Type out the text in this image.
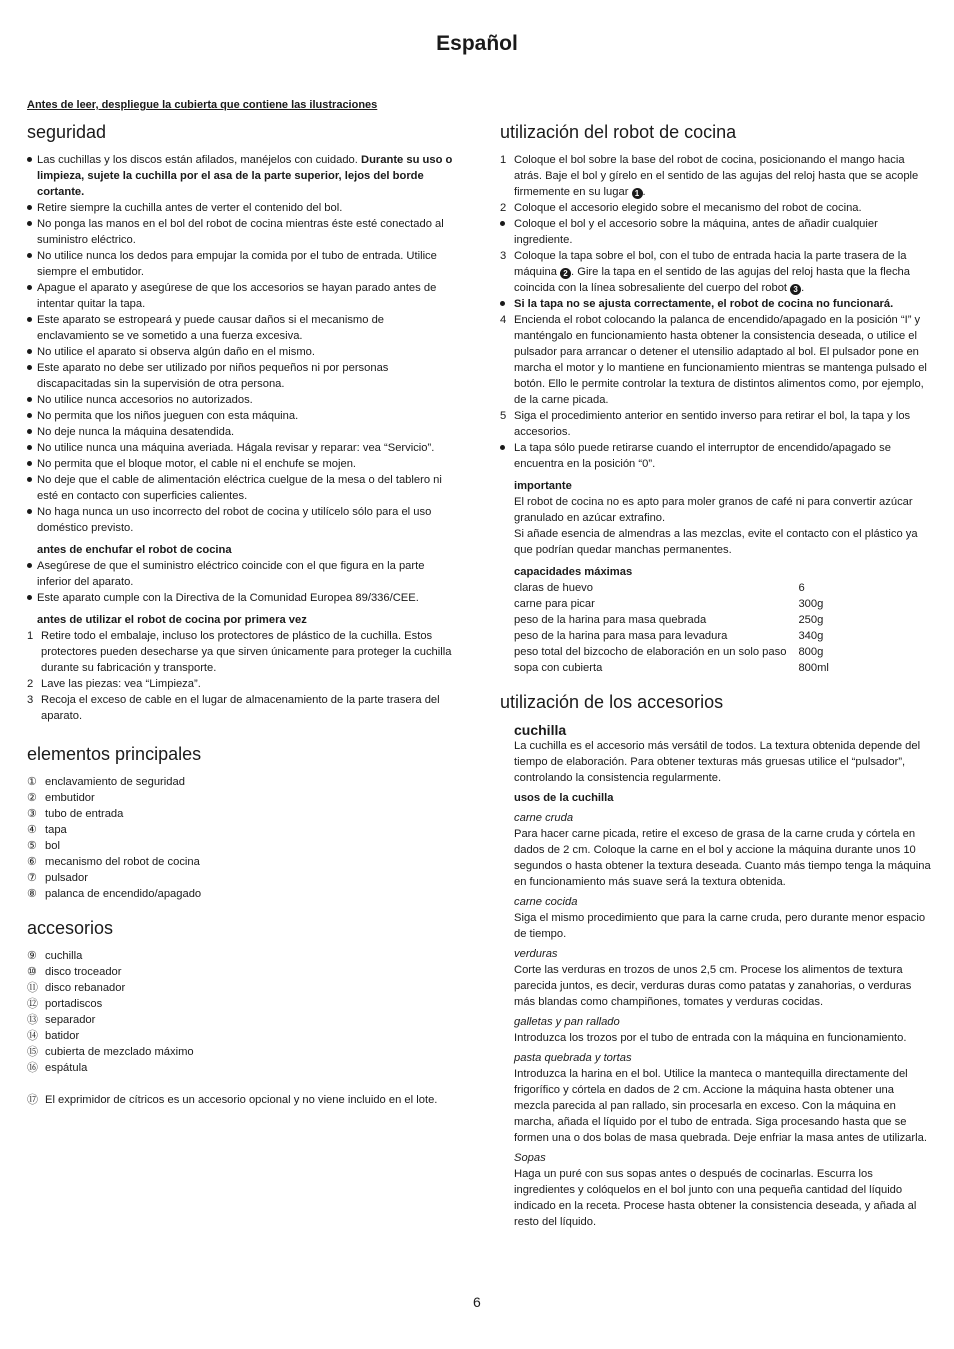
Español
Antes de leer, despliegue la cubierta que contiene las ilustraciones
seguridad
Las cuchillas y los discos están afilados, manéjelos con cuidado. Durante su uso o limpieza, sujete la cuchilla por el asa de la parte superior, lejos del borde cortante.
Retire siempre la cuchilla antes de verter el contenido del bol.
No ponga las manos en el bol del robot de cocina mientras éste esté conectado al suministro eléctrico.
No utilice nunca los dedos para empujar la comida por el tubo de entrada. Utilice siempre el embutidor.
Apague el aparato y asegúrese de que los accesorios se hayan parado antes de intentar quitar la tapa.
Este aparato se estropeará y puede causar daños si el mecanismo de enclavamiento se ve sometido a una fuerza excesiva.
No utilice el aparato si observa algún daño en el mismo.
Este aparato no debe ser utilizado por niños pequeños ni por personas discapacitadas sin la supervisión de otra persona.
No utilice nunca accesorios no autorizados.
No permita que los niños jueguen con esta máquina.
No deje nunca la máquina desatendida.
No utilice nunca una máquina averiada. Hágala revisar y reparar: vea “Servicio”.
No permita que el bloque motor, el cable ni el enchufe se mojen.
No deje que el cable de alimentación eléctrica cuelgue de la mesa o del tablero ni esté en contacto con superficies calientes.
No haga nunca un uso incorrecto del robot de cocina y utilícelo sólo para el uso doméstico previsto.
antes de enchufar el robot de cocina
Asegúrese de que el suministro eléctrico coincide con el que figura en la parte inferior del aparato.
Este aparato cumple con la Directiva de la Comunidad Europea 89/336/CEE.
antes de utilizar el robot de cocina por primera vez
1 Retire todo el embalaje, incluso los protectores de plástico de la cuchilla. Estos protectores pueden desecharse ya que sirven únicamente para proteger la cuchilla durante su fabricación y transporte.
2 Lave las piezas: vea “Limpieza”.
3 Recoja el exceso de cable en el lugar de almacenamiento de la parte trasera del aparato.
elementos principales
① enclavamiento de seguridad
② embutidor
③ tubo de entrada
④ tapa
⑤ bol
⑥ mecanismo del robot de cocina
⑦ pulsador
⑧ palanca de encendido/apagado
accesorios
⑨ cuchilla
⑩ disco troceador
⑪ disco rebanador
⑫ portadiscos
⑬ separador
⑭ batidor
⑮ cubierta de mezclado máximo
⑯ espátula
⑰ El exprimidor de cítricos es un accesorio opcional y no viene incluido en el lote.
utilización del robot de cocina
1 Coloque el bol sobre la base del robot de cocina, posicionando el mango hacia atrás. Baje el bol y gírelo en el sentido de las agujas del reloj hasta que se acople firmemente en su lugar 1 .
2 Coloque el accesorio elegido sobre el mecanismo del robot de cocina.
Coloque el bol y el accesorio sobre la máquina, antes de añadir cualquier ingrediente.
3 Coloque la tapa sobre el bol, con el tubo de entrada hacia la parte trasera de la máquina 2 . Gire la tapa en el sentido de las agujas del reloj hasta que la flecha coincida con la línea sobresaliente del cuerpo del robot 3 .
Si la tapa no se ajusta correctamente, el robot de cocina no funcionará.
4 Encienda el robot colocando la palanca de encendido/apagado en la posición “I” y manténgalo en funcionamiento hasta obtener la consistencia deseada, o utilice el pulsador para arrancar o detener el utensilio adaptado al bol. El pulsador pone en marcha el motor y lo mantiene en funcionamiento mientras se mantenga pulsado el botón. Ello le permite controlar la textura de distintos alimentos como, por ejemplo, de la carne picada.
5 Siga el procedimiento anterior en sentido inverso para retirar el bol, la tapa y los accesorios.
La tapa sólo puede retirarse cuando el interruptor de encendido/apagado se encuentra en la posición “0”.
importante
El robot de cocina no es apto para moler granos de café ni para convertir azúcar granulado en azúcar extrafino.
Si añade esencia de almendras a las mezclas, evite el contacto con el plástico ya que podrían quedar manchas permanentes.
capacidades máximas
claras de huevo	6
carne para picar	300g
peso de la harina para masa quebrada	250g
peso de la harina para masa para levadura	340g
peso total del bizcocho de elaboración en un solo paso	800g
sopa con cubierta	800ml
utilización de los accesorios
cuchilla
La cuchilla es el accesorio más versátil de todos. La textura obtenida depende del tiempo de elaboración. Para obtener texturas más gruesas utilice el “pulsador”, controlando la consistencia regularmente.
usos de la cuchilla
carne cruda
Para hacer carne picada, retire el exceso de grasa de la carne cruda y córtela en dados de 2 cm. Coloque la carne en el bol y accione la máquina durante unos 10 segundos o hasta obtener la textura deseada. Cuanto más tiempo tenga la máquina en funcionamiento más suave será la textura obtenida.
carne cocida
Siga el mismo procedimiento que para la carne cruda, pero durante menor espacio de tiempo.
verduras
Corte las verduras en trozos de unos 2,5 cm. Procese los alimentos de textura parecida juntos, es decir, verduras duras como patatas y zanahorias, o verduras más blandas como champiñones, tomates y verduras cocidas.
galletas y pan rallado
Introduzca los trozos por el tubo de entrada con la máquina en funcionamiento.
pasta quebrada y tortas
Introduzca la harina en el bol. Utilice la manteca o mantequilla directamente del frigorífico y córtela en dados de 2 cm. Accione la máquina hasta obtener una mezcla parecida al pan rallado, sin procesarla en exceso. Con la máquina en marcha, añada el líquido por el tubo de entrada. Siga procesando hasta que se formen una o dos bolas de masa quebrada. Deje enfriar la masa antes de utilizarla.
Sopas
Haga un puré con sus sopas antes o después de cocinarlas. Escurra los ingredientes y colóquelos en el bol junto con una pequeña cantidad del líquido indicado en la receta. Procese hasta obtener la consistencia deseada, y añada al resto del líquido.
6
